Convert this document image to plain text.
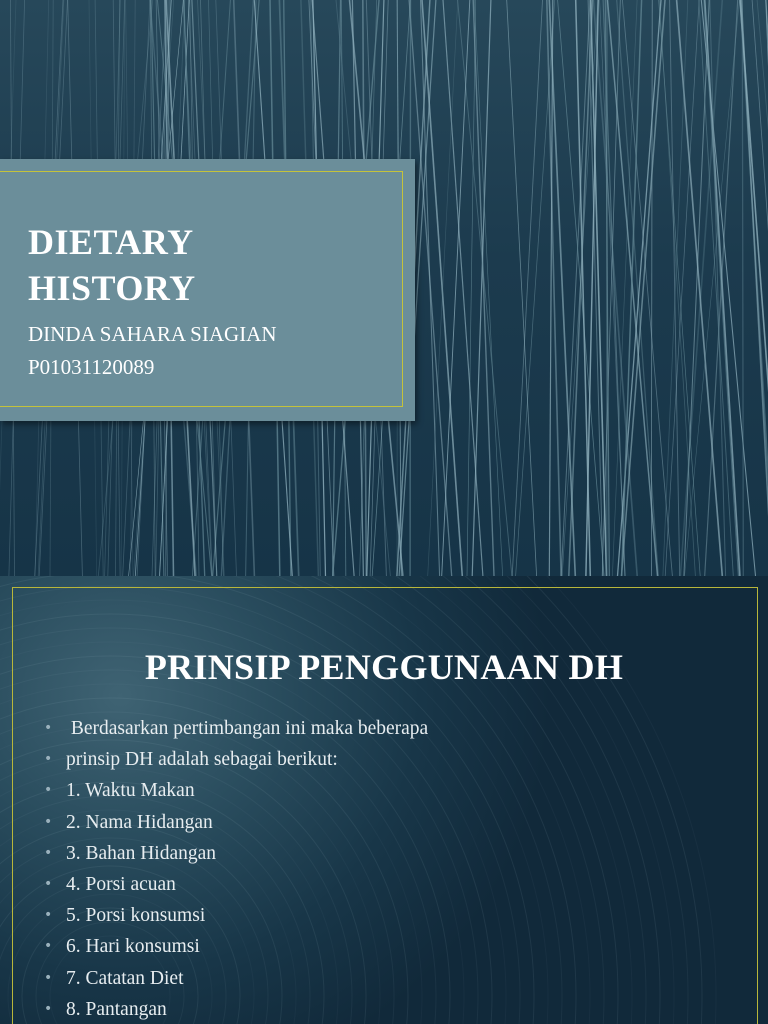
DIETARY
HISTORY
DINDA SAHARA SIAGIAN
P01031120089
PRINSIP PENGGUNAAN DH
• Berdasarkan pertimbangan ini maka beberapa
• prinsip DH adalah sebagai berikut:
• 1. Waktu Makan
• 2. Nama Hidangan
• 3. Bahan Hidangan
• 4. Porsi acuan
• 5. Porsi konsumsi
• 6. Hari konsumsi
• 7. Catatan Diet
• 8. Pantangan
